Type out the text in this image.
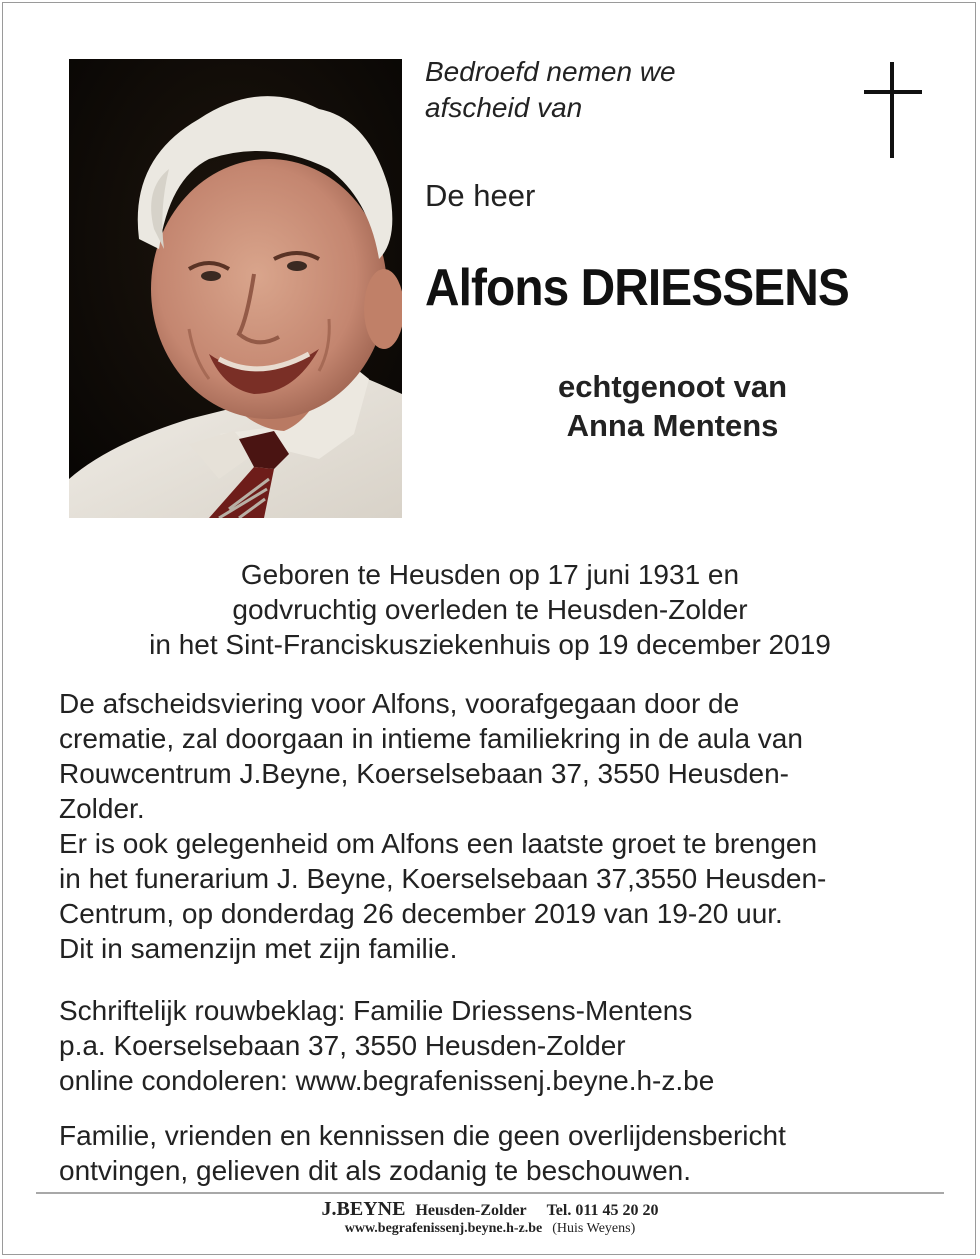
Bedroefd nemen we
afscheid van
De heer
Alfons DRIESSENS
echtgenoot van
Anna Mentens
Geboren te Heusden op 17 juni 1931 en
godvruchtig overleden te Heusden-Zolder
in het Sint-Franciskusziekenhuis op 19 december 2019
De afscheidsviering voor Alfons, voorafgegaan door de
crematie, zal doorgaan in intieme familiekring in de aula van
Rouwcentrum J.Beyne, Koerselsebaan 37, 3550 Heusden-
Zolder.
Er is ook gelegenheid om Alfons een laatste groet te brengen
in het funerarium J. Beyne, Koerselsebaan 37,3550 Heusden-
Centrum, op donderdag 26 december 2019 van 19-20 uur.
Dit in samenzijn met zijn familie.
Schriftelijk rouwbeklag: Familie Driessens-Mentens
p.a. Koerselsebaan 37, 3550 Heusden-Zolder
online condoleren: www.begrafenissenj.beyne.h-z.be
Familie, vrienden en kennissen die geen overlijdensbericht
ontvingen, gelieven dit als zodanig te beschouwen.
J.BEYNE Heusden-Zolder Tel. 011 45 20 20
www.begrafenissenj.beyne.h-z.be (Huis Weyens)
